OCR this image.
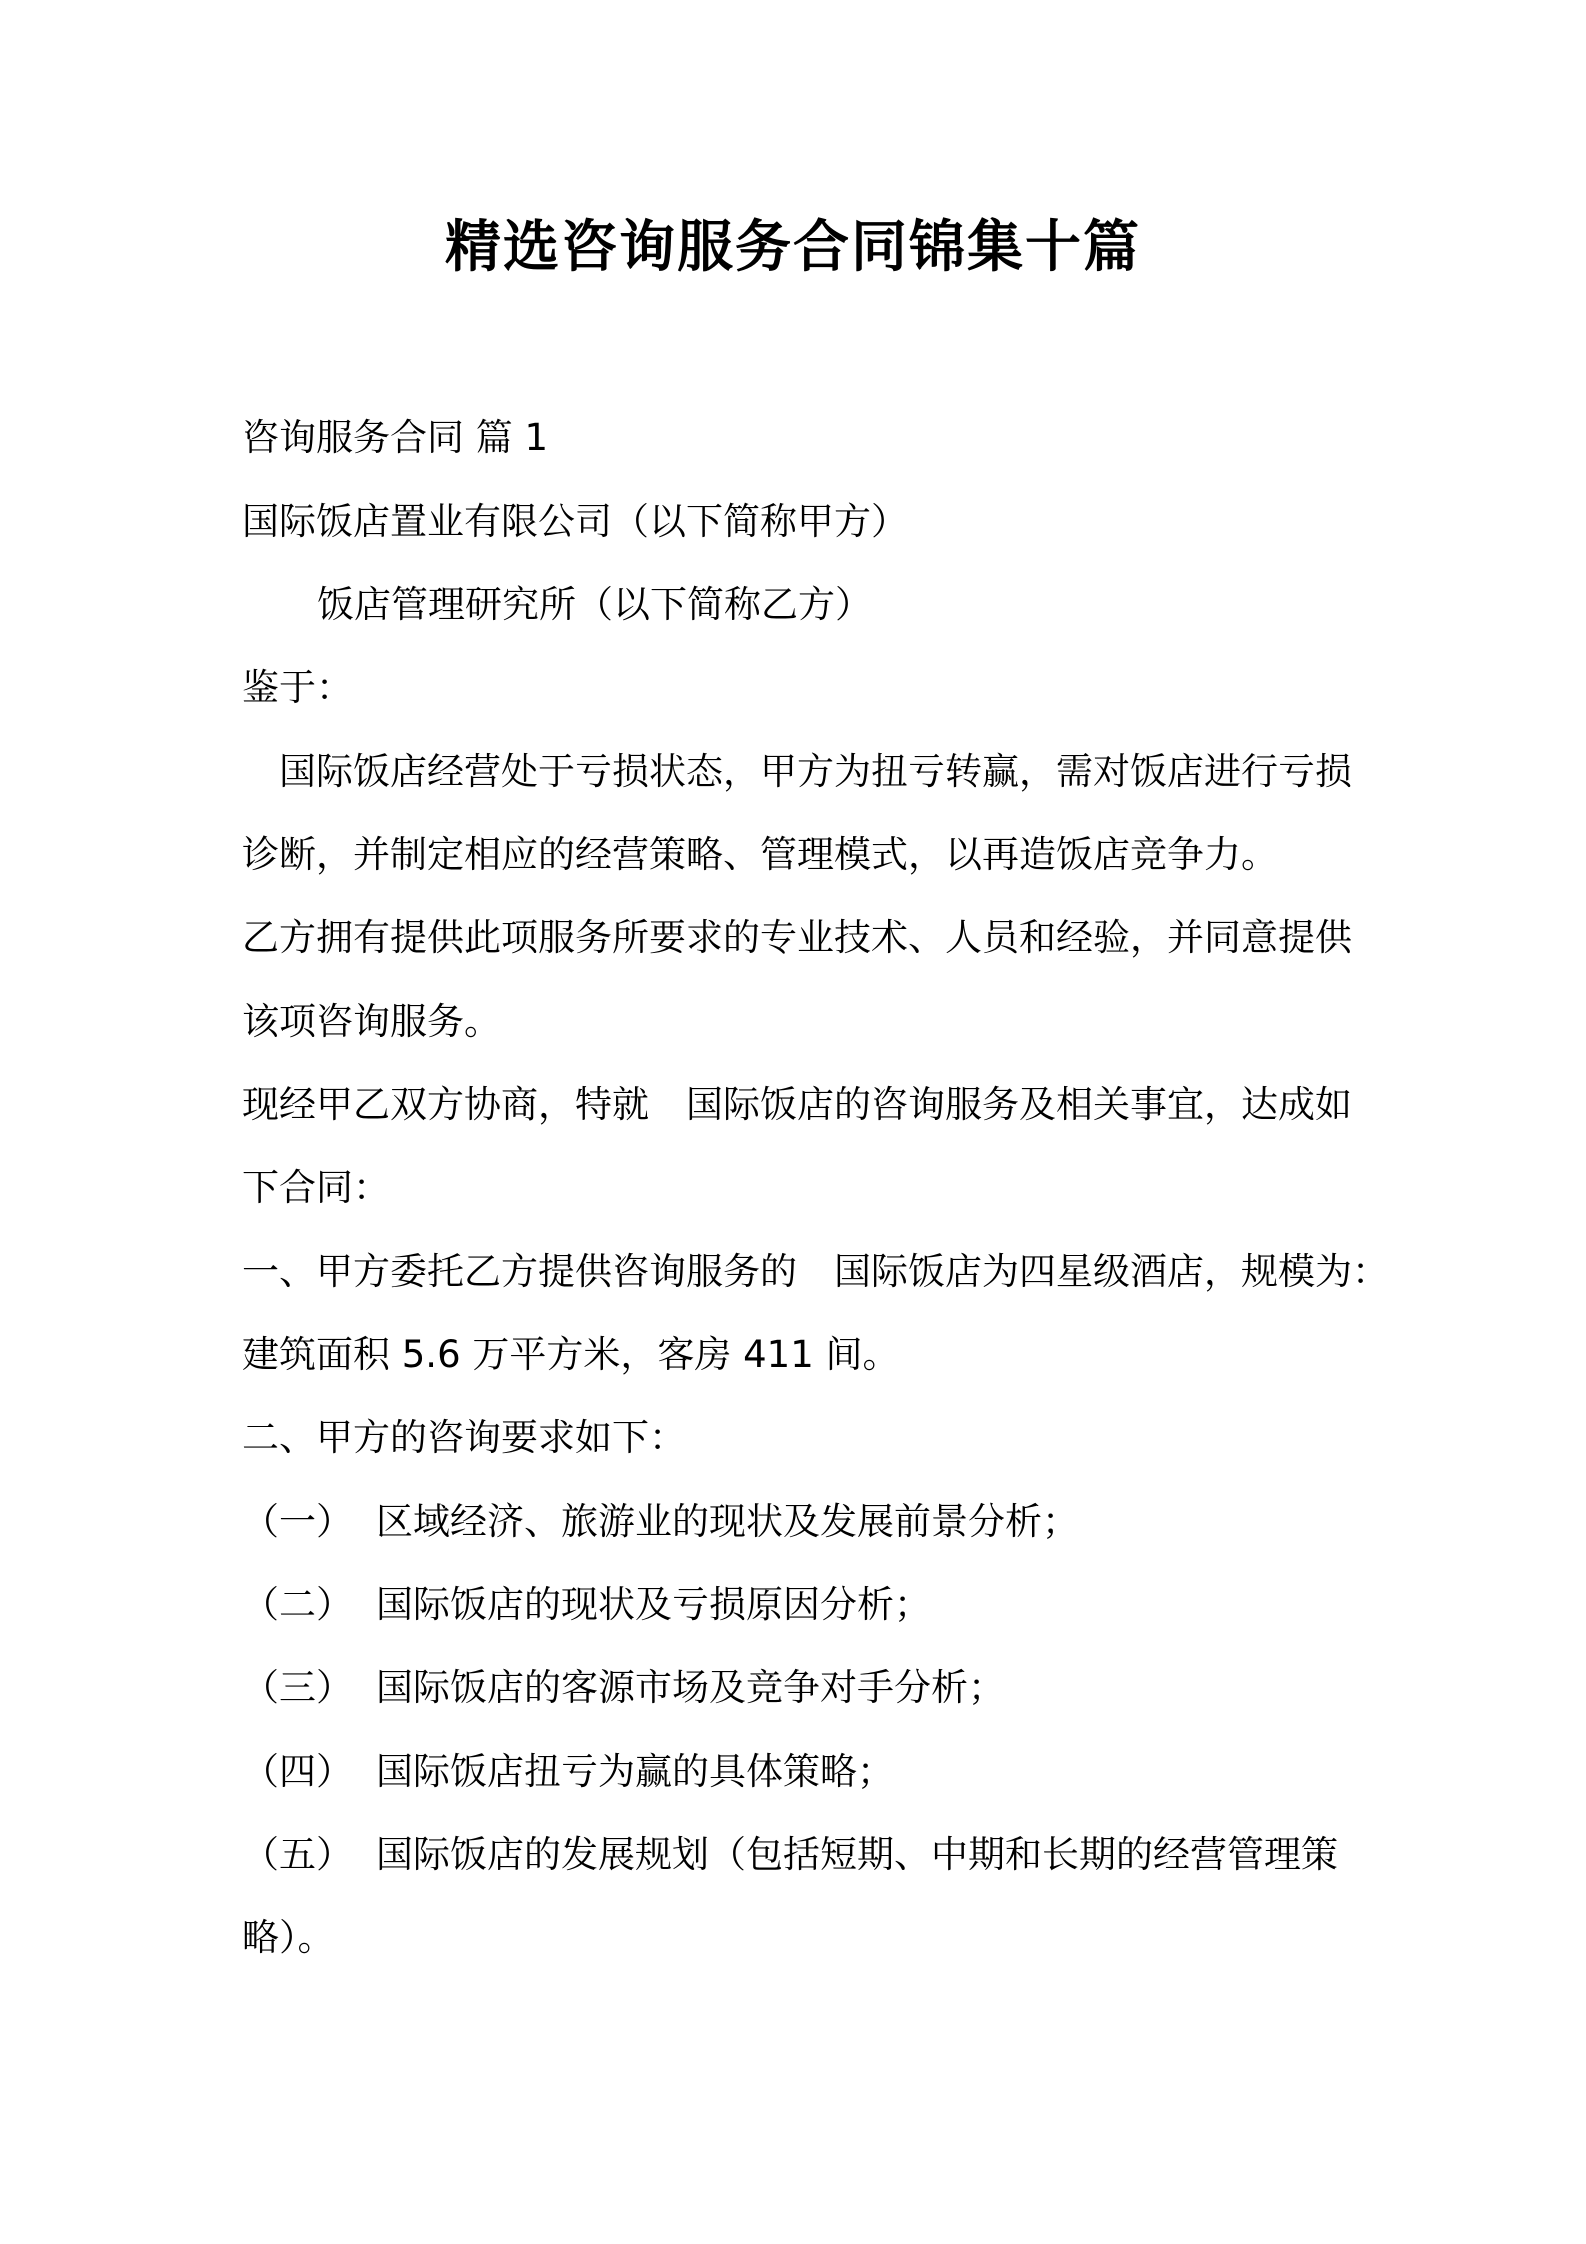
精选咨询服务合同锦集十篇
咨询服务合同 篇 1
国际饭店置业有限公司（以下简称甲方）
饭店管理研究所（以下简称乙方）
鉴于：
国际饭店经营处于亏损状态，甲方为扭亏转赢，需对饭店进行亏损
诊断，并制定相应的经营策略、管理模式，以再造饭店竞争力。
乙方拥有提供此项服务所要求的专业技术、人员和经验，并同意提供
该项咨询服务。
现经甲乙双方协商，特就　国际饭店的咨询服务及相关事宜，达成如
下合同：
一、甲方委托乙方提供咨询服务的　国际饭店为四星级酒店，规模为：
建筑面积 5.6 万平方米，客房 411 间。
二、甲方的咨询要求如下：
（一） 区域经济、旅游业的现状及发展前景分析；
（二） 国际饭店的现状及亏损原因分析；
（三） 国际饭店的客源市场及竞争对手分析；
（四） 国际饭店扭亏为赢的具体策略；
（五） 国际饭店的发展规划（包括短期、中期和长期的经营管理策
略）。
